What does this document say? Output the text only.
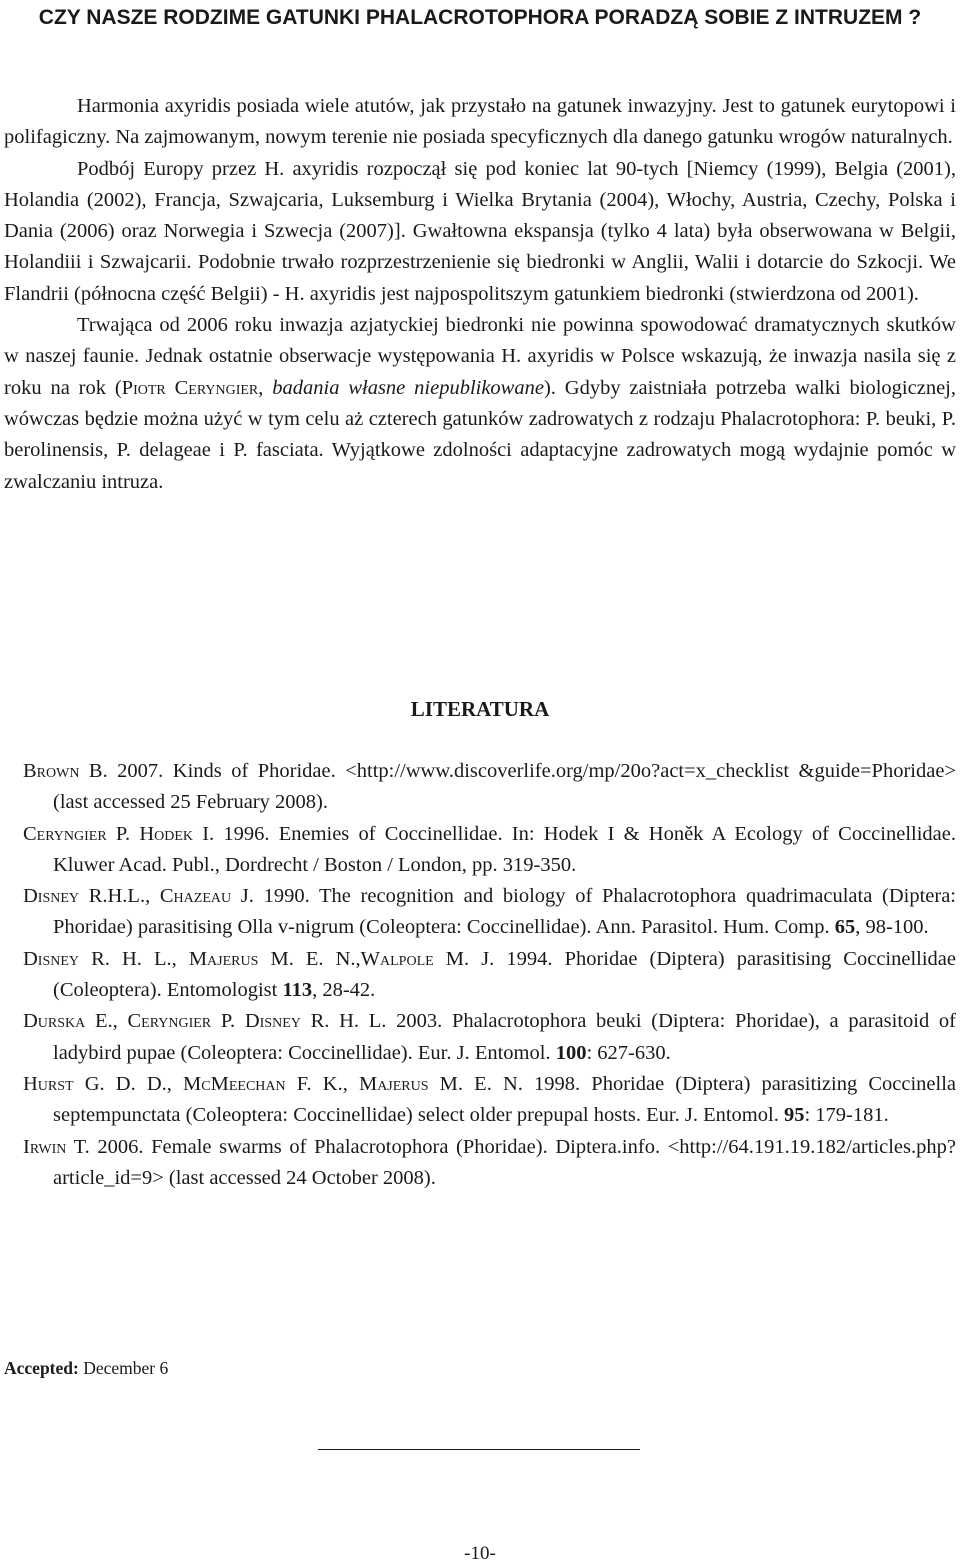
CZY NASZE RODZIME GATUNKI PHALACROTOPHORA PORADZĄ SOBIE Z INTRUZEM ?

Harmonia axyridis posiada wiele atutów, jak przystało na gatunek inwazyjny. Jest to gatunek eurytopowi i polifagiczny. Na zajmowanym, nowym terenie nie posiada specyficznych dla danego gatunku wrogów naturalnych.

Podbój Europy przez H. axyridis rozpoczął się pod koniec lat 90-tych [Niemcy (1999), Belgia (2001), Holandia (2002), Francja, Szwajcaria, Luksemburg i Wielka Brytania (2004), Włochy, Austria, Czechy, Polska i Dania (2006) oraz Norwegia i Szwecja (2007)]. Gwałtowna ekspansja (tylko 4 lata) była obserwowana w Belgii, Holandiii i Szwajcarii. Podobnie trwało rozprzestrzenienie się biedronki w Anglii, Walii i dotarcie do Szkocji. We Flandrii (północna część Belgii) - H. axyridis jest najpospolitszym gatunkiem biedronki (stwierdzona od 2001).

Trwająca od 2006 roku inwazja azjatyckiej biedronki nie powinna spowodować dramatycznych skutków w naszej faunie. Jednak ostatnie obserwacje występowania H. axyridis w Polsce wskazują, że inwazja nasila się z roku na rok (Piotr Ceryngier, badania własne niepublikowane). Gdyby zaistniała potrzeba walki biologicznej, wówczas będzie można użyć w tym celu aż czterech gatunków zadrowatych z rodzaju Phalacrotophora: P. beuki, P. berolinensis, P. delageae i P. fasciata. Wyjątkowe zdolności adaptacyjne zadrowatych mogą wydajnie pomóc w zwalczaniu intruza.

LITERATURA

Brown B. 2007. Kinds of Phoridae. <http://www.discoverlife.org/mp/20o?act=x_checklist &guide=Phoridae> (last accessed 25 February 2008).

Ceryngier P. Hodek I. 1996. Enemies of Coccinellidae. In: Hodek I & Honěk A Ecology of Coccinellidae. Kluwer Acad. Publ., Dordrecht / Boston / London, pp. 319-350.

Disney R.H.L., Chazeau J. 1990. The recognition and biology of Phalacrotophora quadrimaculata (Diptera: Phoridae) parasitising Olla v-nigrum (Coleoptera: Coccinellidae). Ann. Parasitol. Hum. Comp. 65, 98-100.

Disney R. H. L., Majerus M. E. N.,Walpole M. J. 1994. Phoridae (Diptera) parasitising Coccinellidae (Coleoptera). Entomologist 113, 28-42.

Durska E., Ceryngier P. Disney R. H. L. 2003. Phalacrotophora beuki (Diptera: Phoridae), a parasitoid of ladybird pupae (Coleoptera: Coccinellidae). Eur. J. Entomol. 100: 627-630.

Hurst G. D. D., McMeechan F. K., Majerus M. E. N. 1998. Phoridae (Diptera) parasitizing Coccinella septempunctata (Coleoptera: Coccinellidae) select older prepupal hosts. Eur. J. Entomol. 95: 179-181.

Irwin T. 2006. Female swarms of Phalacrotophora (Phoridae). Diptera.info. <http://64.191.19.182/articles.php?article_id=9> (last accessed 24 October 2008).

Accepted: December 6
-10-
